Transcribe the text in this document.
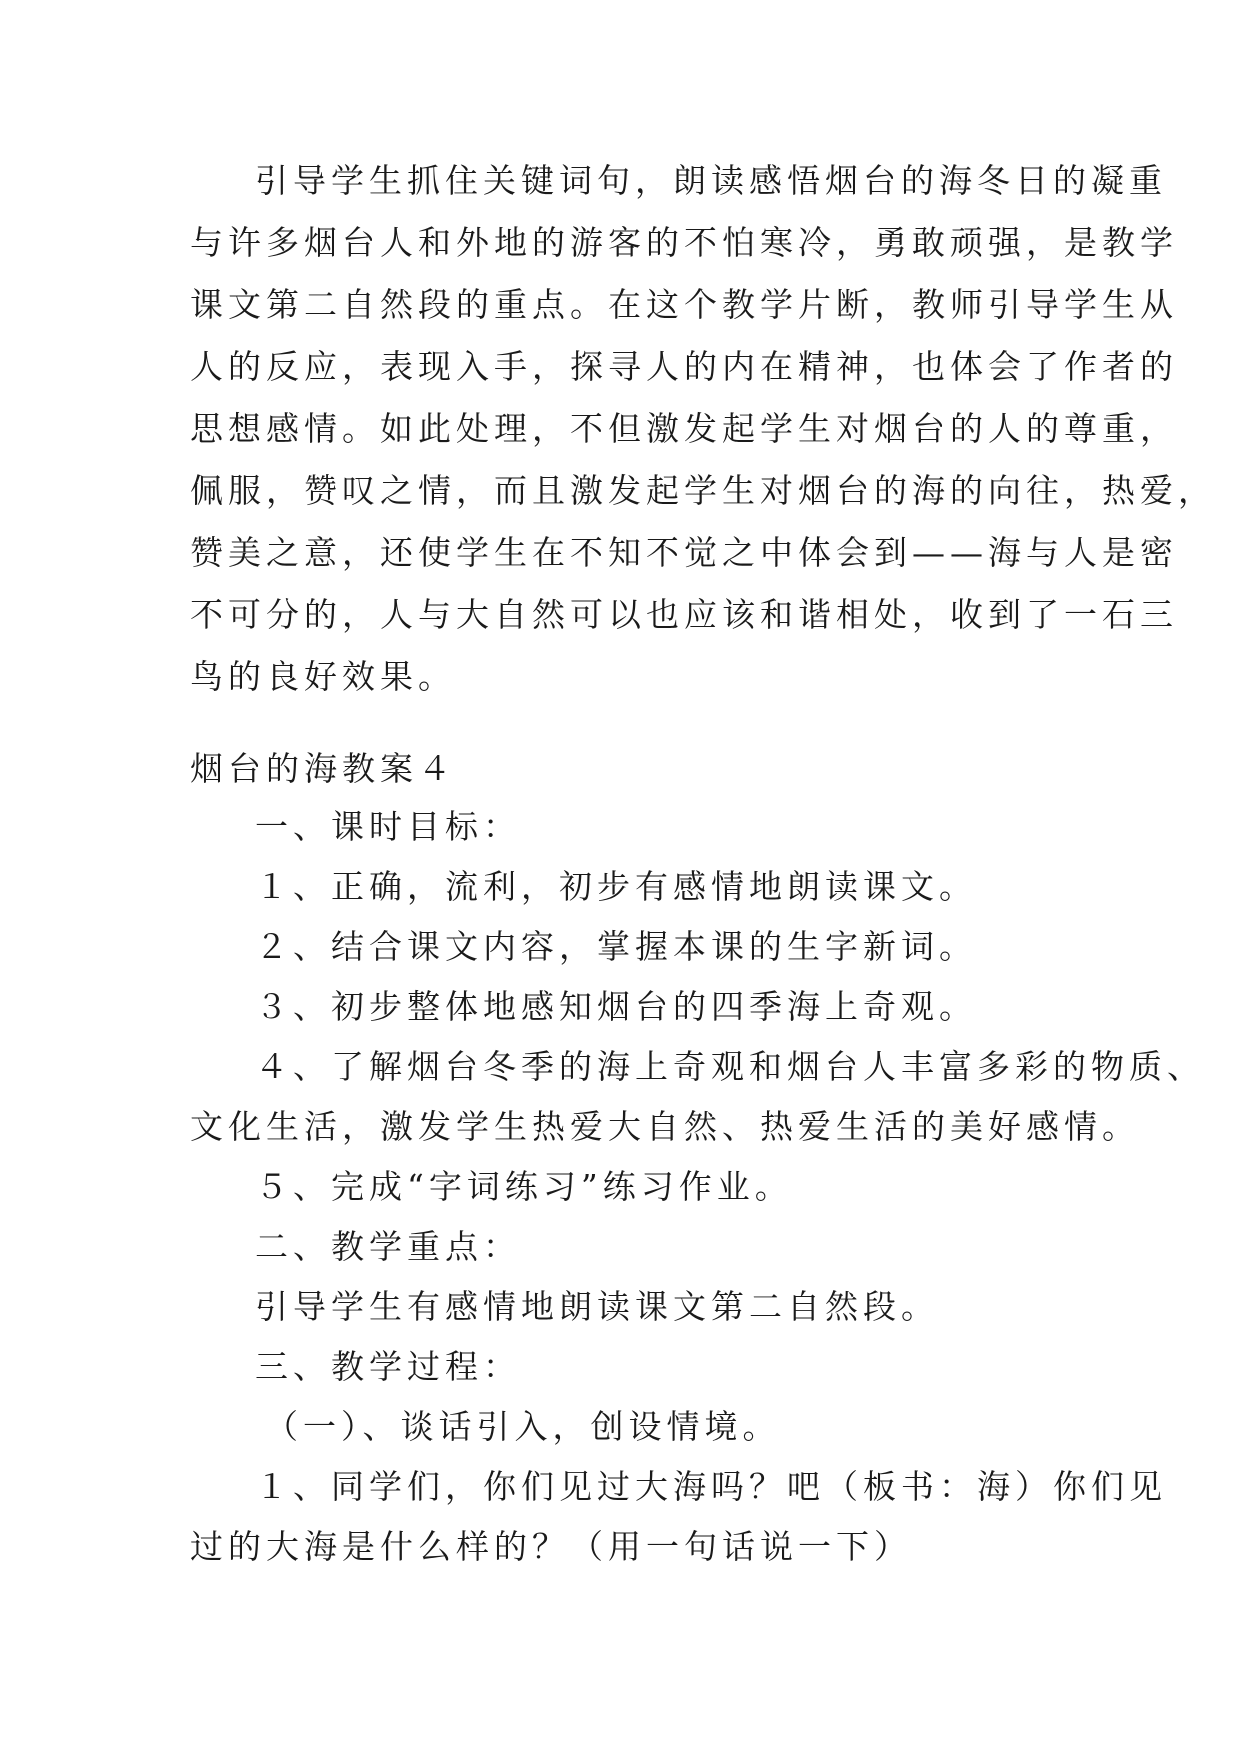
引导学生抓住关键词句，朗读感悟烟台的海冬日的凝重
与许多烟台人和外地的游客的不怕寒冷，勇敢顽强，是教学
课文第二自然段的重点。在这个教学片断，教师引导学生从
人的反应，表现入手，探寻人的内在精神，也体会了作者的
思想感情。如此处理，不但激发起学生对烟台的人的尊重，
佩服，赞叹之情，而且激发起学生对烟台的海的向往，热爱，
赞美之意，还使学生在不知不觉之中体会到——海与人是密
不可分的，人与大自然可以也应该和谐相处，收到了一石三
鸟的良好效果。
烟台的海教案４
一、课时目标：
１、正确，流利，初步有感情地朗读课文。
２、结合课文内容，掌握本课的生字新词。
３、初步整体地感知烟台的四季海上奇观。
４、了解烟台冬季的海上奇观和烟台人丰富多彩的物质、
文化生活，激发学生热爱大自然、热爱生活的美好感情。
５、完成“字词练习”练习作业。
二、教学重点：
引导学生有感情地朗读课文第二自然段。
三、教学过程：
（一）、谈话引入，创设情境。
１、同学们，你们见过大海吗？吧（板书：海）你们见
过的大海是什么样的？（用一句话说一下）
